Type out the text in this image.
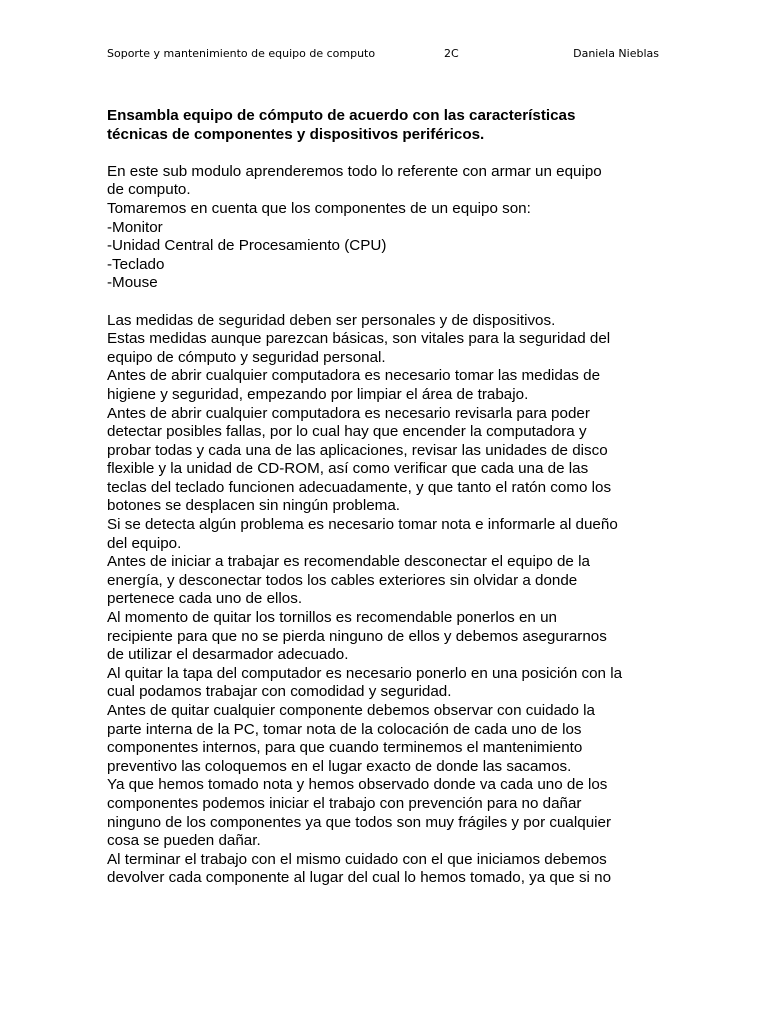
Soporte y mantenimiento de equipo de computo	2C	Daniela Nieblas

Ensambla equipo de cómputo de acuerdo con las características

técnicas de componentes y dispositivos periféricos.

En este sub modulo aprenderemos todo lo referente con armar un equipo

de computo.

Tomaremos en cuenta que los componentes de un equipo son:

-Monitor

-Unidad Central de Procesamiento (CPU)

-Teclado

-Mouse

Las medidas de seguridad deben ser personales y de dispositivos.

Estas medidas aunque parezcan básicas, son vitales para la seguridad del

equipo de cómputo y seguridad personal.

Antes de abrir cualquier computadora es necesario tomar las medidas de

higiene y seguridad, empezando por limpiar el área de trabajo.

Antes de abrir cualquier computadora es necesario revisarla para poder

detectar posibles fallas, por lo cual hay que encender la computadora y

probar todas y cada una de las aplicaciones, revisar las unidades de disco

flexible y la unidad de CD-ROM, así como verificar que cada una de las

teclas del teclado funcionen adecuadamente, y que tanto el ratón como los

botones se desplacen sin ningún problema.

Si se detecta algún problema es necesario tomar nota e informarle al dueño

del equipo.

Antes de iniciar a trabajar es recomendable desconectar el equipo de la

energía, y desconectar todos los cables exteriores sin olvidar a donde

pertenece cada uno de ellos.

Al momento de quitar los tornillos es recomendable ponerlos en un

recipiente para que no se pierda ninguno de ellos y debemos asegurarnos

de utilizar el desarmador adecuado.

Al quitar la tapa del computador es necesario ponerlo en una posición con la

cual podamos trabajar con comodidad y seguridad.

Antes de quitar cualquier componente debemos observar con cuidado la

parte interna de la PC, tomar nota de la colocación de cada uno de los

componentes internos, para que cuando terminemos el mantenimiento

preventivo las coloquemos en el lugar exacto de donde las sacamos.

Ya que hemos tomado nota y hemos observado donde va cada uno de los

componentes podemos iniciar el trabajo con prevención para no dañar

ninguno de los componentes ya que todos son muy frágiles y por cualquier

cosa se pueden dañar.

Al terminar el trabajo con el mismo cuidado con el que iniciamos debemos

devolver cada componente al lugar del cual lo hemos tomado, ya que si no
